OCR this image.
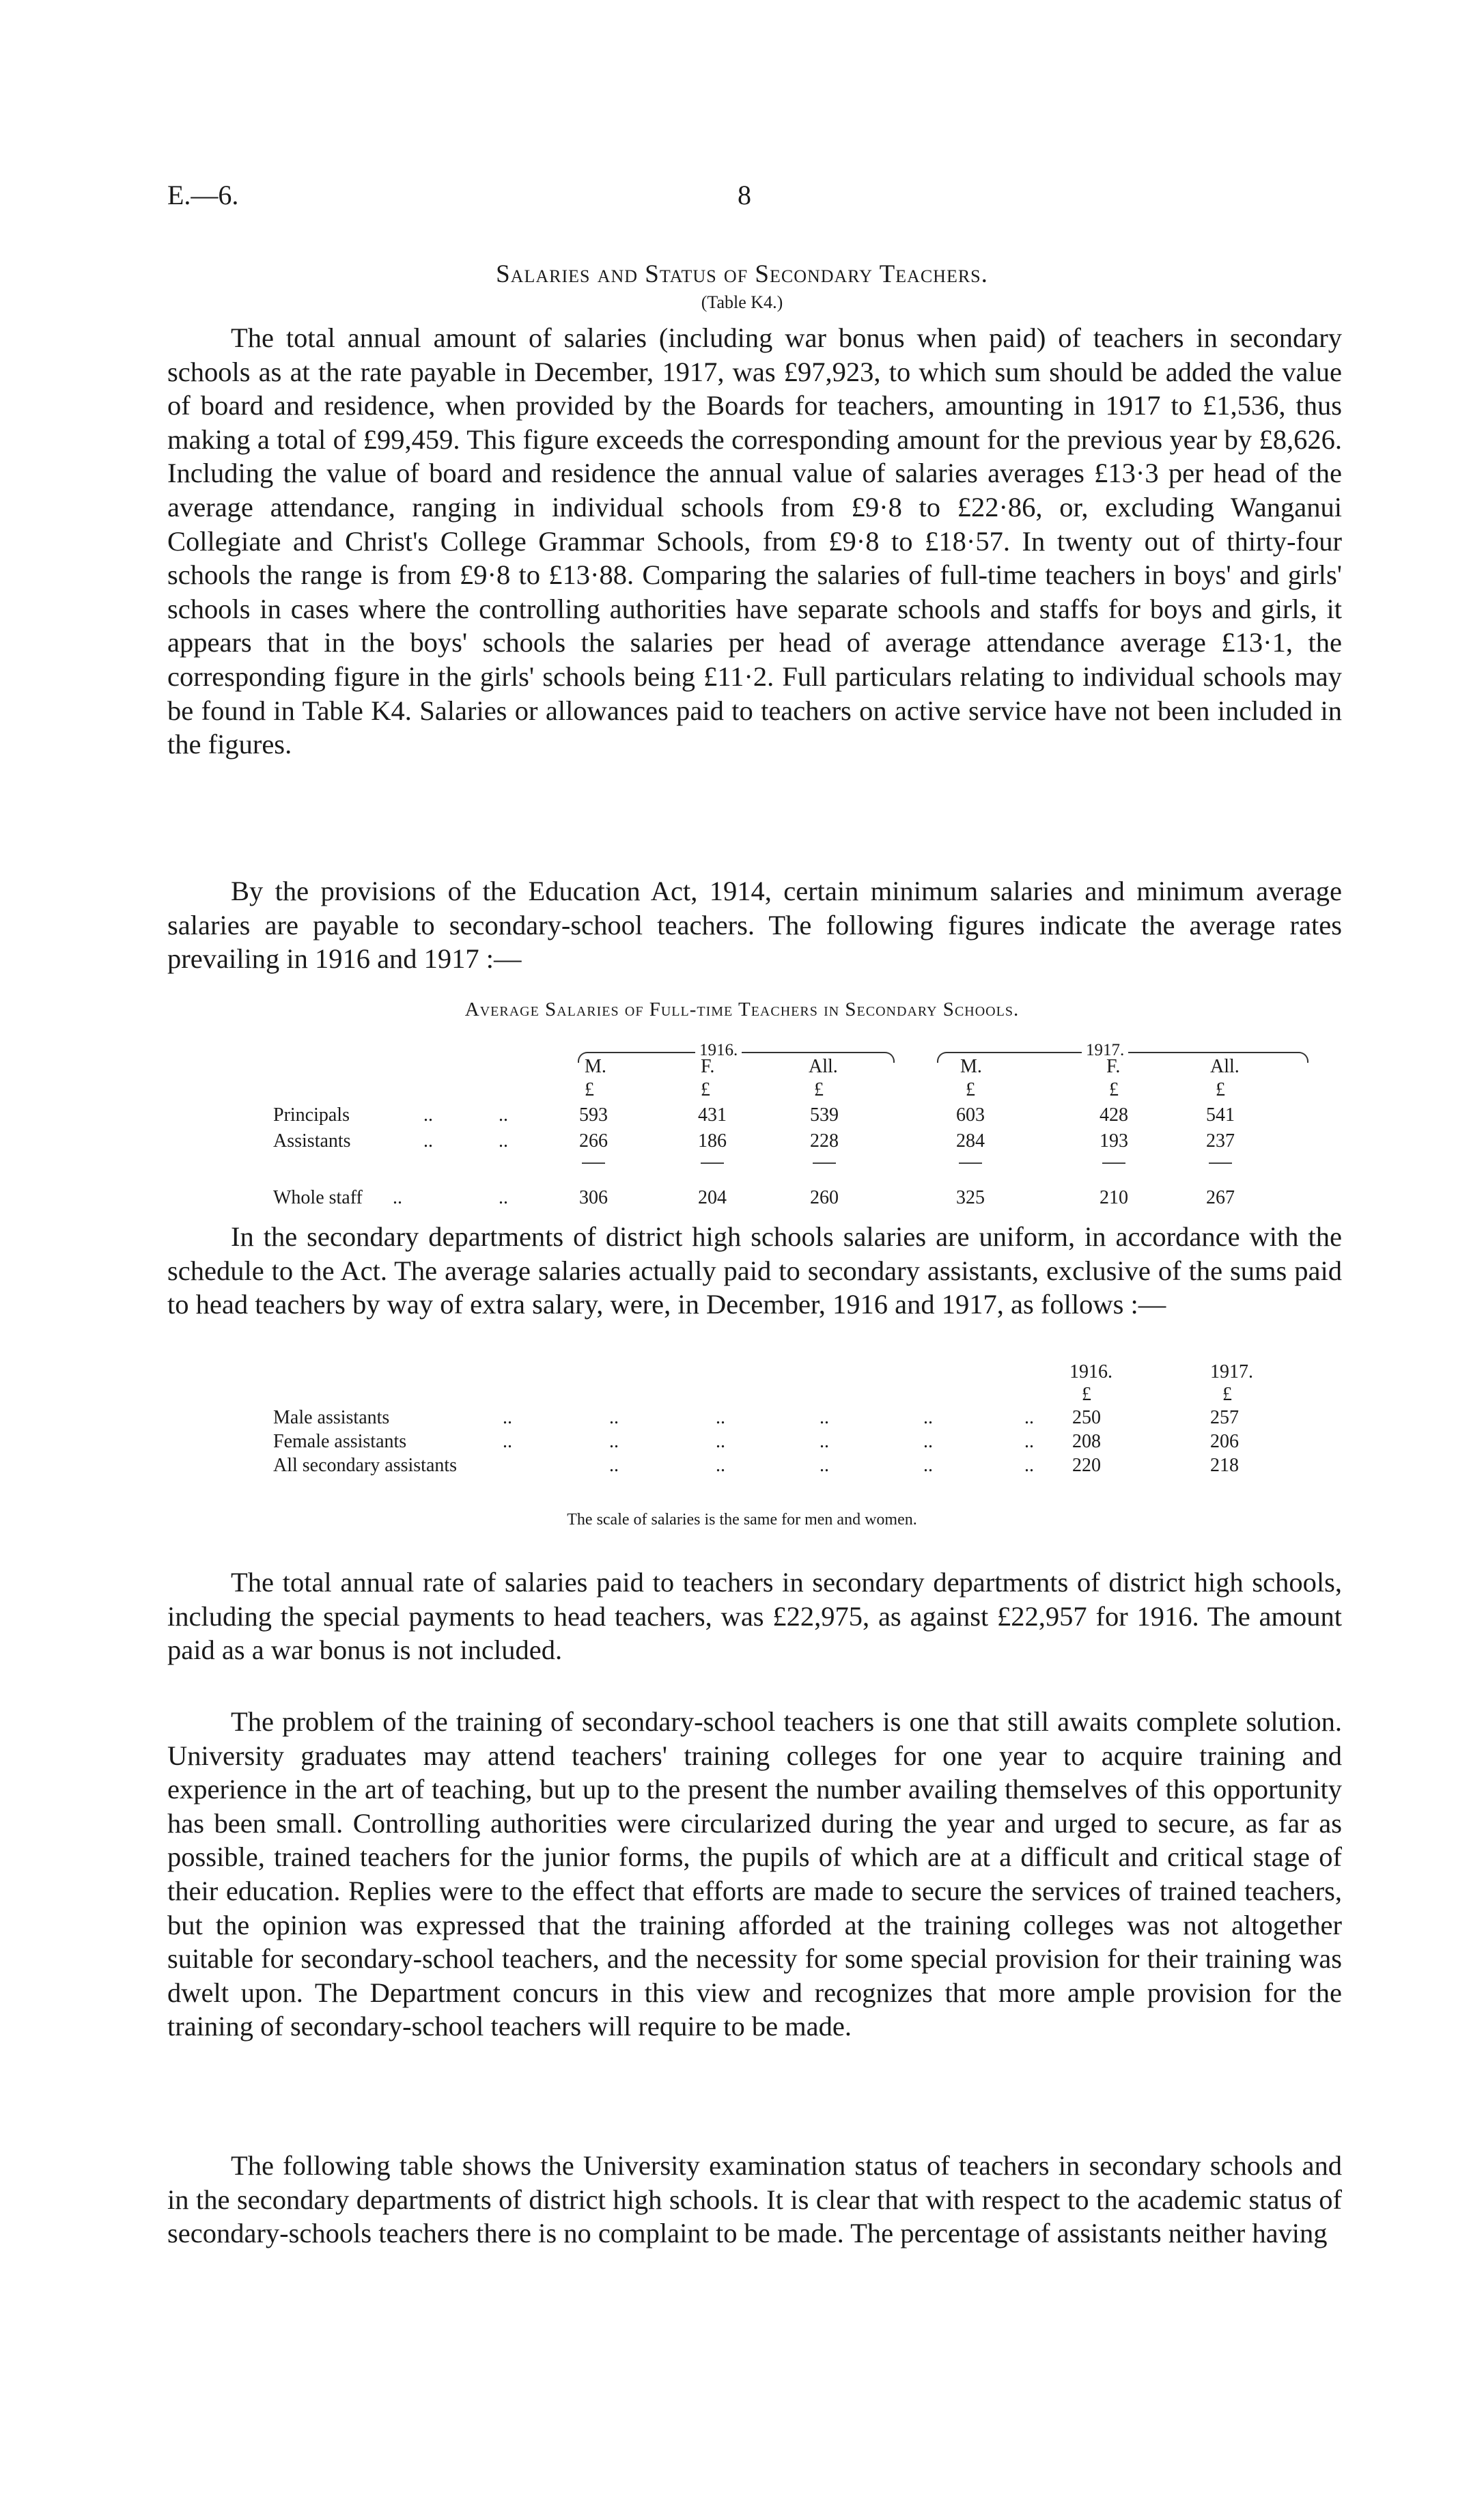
E.—6.	8
Salaries and Status of Secondary Teachers.
(Table K4.)

The total annual amount of salaries (including war bonus when paid) of teachers in secondary schools as at the rate payable in December, 1917, was £97,923, to which sum should be added the value of board and residence, when provided by the Boards for teachers, amounting in 1917 to £1,536, thus making a total of £99,459. This figure exceeds the corresponding amount for the previous year by £8,626. Including the value of board and residence the annual value of salaries averages £13·3 per head of the average attendance, ranging in individual schools from £9·8 to £22·86, or, excluding Wanganui Collegiate and Christ's College Grammar Schools, from £9·8 to £18·57. In twenty out of thirty-four schools the range is from £9·8 to £13·88. Comparing the salaries of full-time teachers in boys' and girls' schools in cases where the controlling authorities have separate schools and staffs for boys and girls, it appears that in the boys' schools the salaries per head of average attendance average £13·1, the corresponding figure in the girls' schools being £11·2. Full particulars relating to individual schools may be found in Table K4. Salaries or allowances paid to teachers on active service have not been included in the figures.

By the provisions of the Education Act, 1914, certain minimum salaries and minimum average salaries are payable to secondary-school teachers. The following figures indicate the average rates prevailing in 1916 and 1917 :—

Average Salaries of Full-time Teachers in Secondary Schools.
1916.	1917.
M.	F.	All.	M.	F.	All.
£	£	£	£	£	£
Principals	..	..	593	431	539	603	428	541
Assistants	..	..	266	186	228	284	193	237
Whole staff ..	..	306	204	260	325	210	267

In the secondary departments of district high schools salaries are uniform, in accordance with the schedule to the Act. The average salaries actually paid to secondary assistants, exclusive of the sums paid to head teachers by way of extra salary, were, in December, 1916 and 1917, as follows :—

1916.	1917.
£	£
Male assistants	..	..	..	..	..	.. 250	257
Female assistants	..	..	..	..	..	.. 208	206
All secondary assistants	..	..	..	..	.. 220	218
The scale of salaries is the same for men and women.

The total annual rate of salaries paid to teachers in secondary departments of district high schools, including the special payments to head teachers, was £22,975, as against £22,957 for 1916. The amount paid as a war bonus is not included.

The problem of the training of secondary-school teachers is one that still awaits complete solution. University graduates may attend teachers' training colleges for one year to acquire training and experience in the art of teaching, but up to the present the number availing themselves of this opportunity has been small. Controlling authorities were circularized during the year and urged to secure, as far as possible, trained teachers for the junior forms, the pupils of which are at a difficult and critical stage of their education. Replies were to the effect that efforts are made to secure the services of trained teachers, but the opinion was expressed that the training afforded at the training colleges was not altogether suitable for secondary-school teachers, and the necessity for some special provision for their training was dwelt upon. The Department concurs in this view and recognizes that more ample provision for the training of secondary-school teachers will require to be made.

The following table shows the University examination status of teachers in secondary schools and in the secondary departments of district high schools. It is clear that with respect to the academic status of secondary-schools teachers there is no complaint to be made. The percentage of assistants neither having
